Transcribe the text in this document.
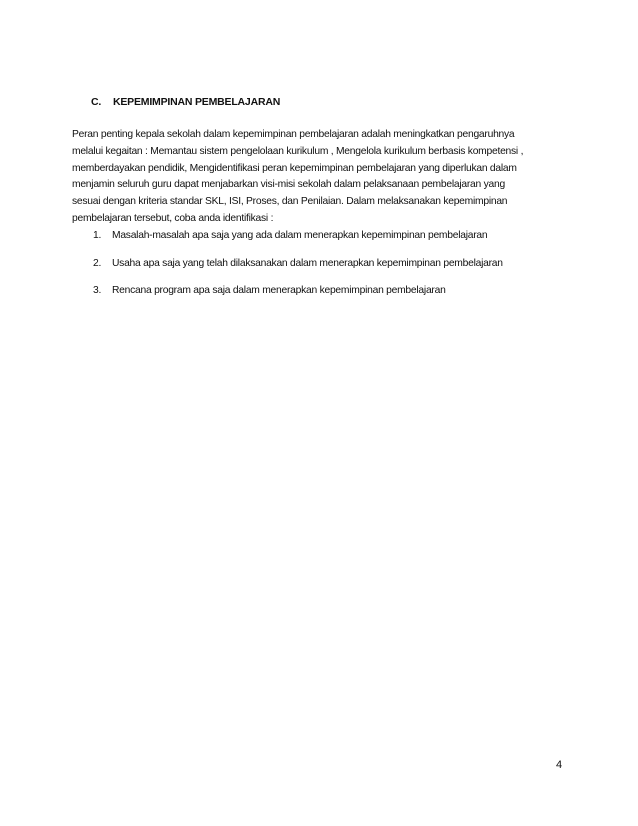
C. KEPEMIMPINAN PEMBELAJARAN
Peran penting kepala sekolah dalam kepemimpinan pembelajaran adalah meningkatkan pengaruhnya
melalui kegaitan : Memantau sistem pengelolaan kurikulum , Mengelola kurikulum berbasis kompetensi ,
memberdayakan pendidik, Mengidentifikasi peran kepemimpinan pembelajaran yang diperlukan dalam
menjamin seluruh guru dapat menjabarkan visi-misi sekolah dalam pelaksanaan pembelajaran yang
sesuai dengan kriteria standar SKL, ISI, Proses, dan Penilaian. Dalam melaksanakan kepemimpinan
pembelajaran tersebut, coba anda identifikasi :
1. Masalah-masalah apa saja yang ada dalam menerapkan kepemimpinan pembelajaran
2. Usaha apa saja yang telah dilaksanakan dalam menerapkan kepemimpinan pembelajaran
3. Rencana program apa saja dalam menerapkan kepemimpinan pembelajaran
4
